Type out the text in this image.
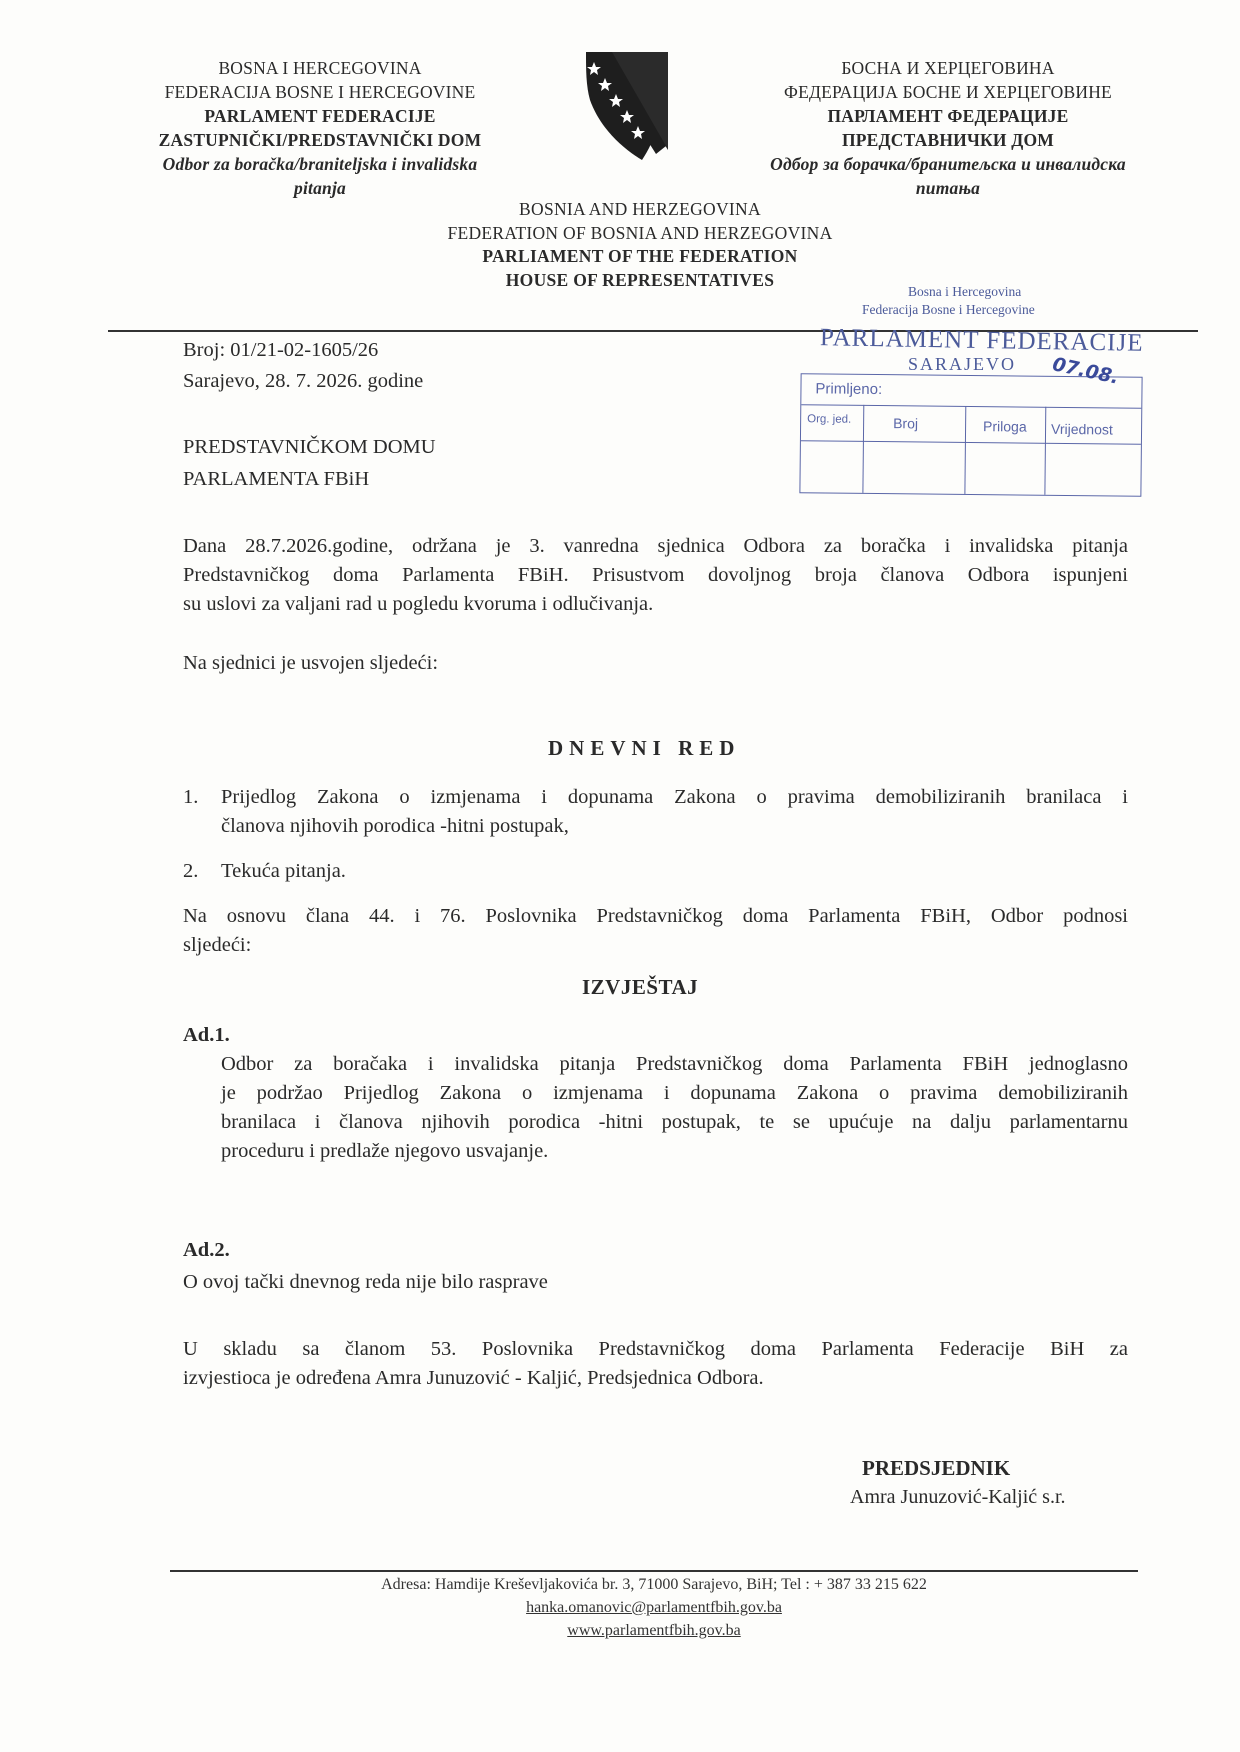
BOSNA I HERCEGOVINA
FEDERACIJA BOSNE I HERCEGOVINE
PARLAMENT FEDERACIJE
ZASTUPNIČKI/PREDSTAVNIČKI DOM
Odbor za boračka/braniteljska i invalidska
pitanja
БОСНА И ХЕРЦЕГОВИНА
ФЕДЕРАЦИЈА БОСНЕ И ХЕРЦЕГОВИНЕ
ПАРЛАМЕНТ ФЕДЕРАЦИЈЕ
ПРЕДСТАВНИЧКИ ДОМ
Одбор за борачка/бранитељска и инвалидска
питања
BOSNIA AND HERZEGOVINA
FEDERATION OF BOSNIA AND HERZEGOVINA
PARLIAMENT OF THE FEDERATION
HOUSE OF REPRESENTATIVES
Bosna i Hercegovina
Federacija Bosne i Hercegovine
PARLAMENT FEDERACIJE
SARAJEVO
Primljeno:
Org. jed.	Broj	Priloga Vrijednost
07.08.
Broj: 01/21-02-1605/26
Sarajevo, 28. 7. 2026. godine
PREDSTAVNIČKOM DOMU
PARLAMENTA FBiH
Dana 28.7.2026.godine, održana je 3. vanredna sjednica Odbora za boračka i invalidska pitanja
Predstavničkog doma Parlamenta FBiH. Prisustvom dovoljnog broja članova Odbora ispunjeni
su uslovi za valjani rad u pogledu kvoruma i odlučivanja.
Na sjednici je usvojen sljedeći:
DNEVNI RED
1. Prijedlog Zakona o izmjenama i dopunama Zakona o pravima demobiliziranih branilaca i
članova njihovih porodica -hitni postupak,
2. Tekuća pitanja.
Na osnovu člana 44. i 76. Poslovnika Predstavničkog doma Parlamenta FBiH, Odbor podnosi
sljedeći:
IZVJEŠTAJ
Ad.1.
Odbor za boračaka i invalidska pitanja Predstavničkog doma Parlamenta FBiH jednoglasno
je podržao Prijedlog Zakona o izmjenama i dopunama Zakona o pravima demobiliziranih
branilaca i članova njihovih porodica -hitni postupak, te se upućuje na dalju parlamentarnu
proceduru i predlaže njegovo usvajanje.
Ad.2.
O ovoj tački dnevnog reda nije bilo rasprave
U skladu sa članom 53. Poslovnika Predstavničkog doma Parlamenta Federacije BiH za
izvjestioca je određena Amra Junuzović - Kaljić, Predsjednica Odbora.
PREDSJEDNIK
Amra Junuzović-Kaljić s.r.
Adresa: Hamdije Kreševljakovića br. 3, 71000 Sarajevo, BiH; Tel : + 387 33 215 622
hanka.omanovic@parlamentfbih.gov.ba
www.parlamentfbih.gov.ba
